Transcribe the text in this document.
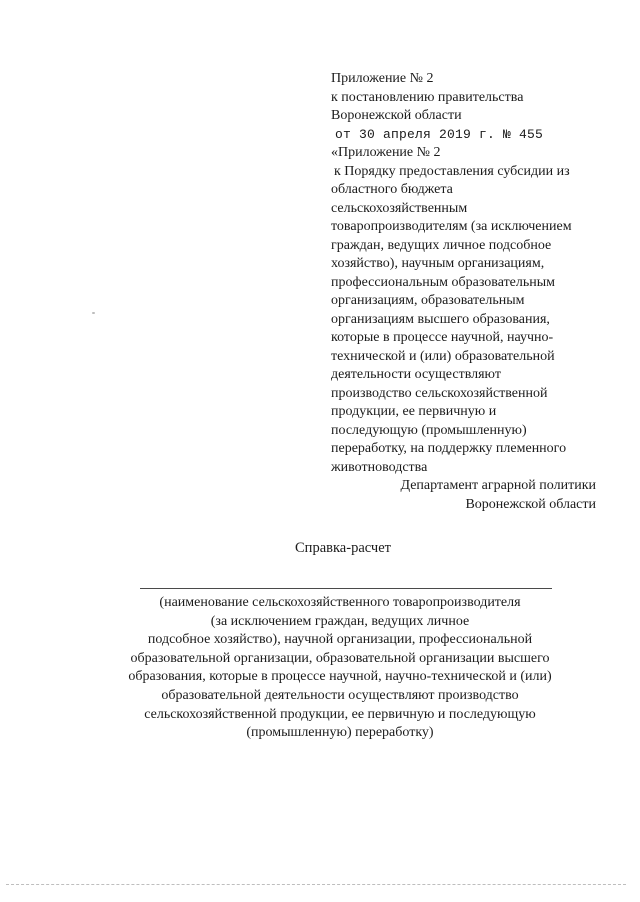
Приложение № 2
к постановлению правительства
Воронежской области
от 30 апреля 2019 г. № 455
«Приложение № 2
к Порядку предоставления субсидии из
областного бюджета
сельскохозяйственным
товаропроизводителям (за исключением
граждан, ведущих личное подсобное
хозяйство), научным организациям,
профессиональным образовательным
организациям, образовательным
организациям высшего образования,
которые в процессе научной, научно-
технической и (или) образовательной
деятельности осуществляют
производство сельскохозяйственной
продукции, ее первичную и
последующую (промышленную)
переработку, на поддержку племенного
животноводства
Департамент аграрной политики
Воронежской области
Справка-расчет
(наименование сельскохозяйственного товаропроизводителя
(за исключением граждан, ведущих личное
подсобное хозяйство), научной организации, профессиональной
образовательной организации, образовательной организации высшего
образования, которые в процессе научной, научно-технической и (или)
образовательной деятельности осуществляют производство
сельскохозяйственной продукции, ее первичную и последующую
(промышленную) переработку)
